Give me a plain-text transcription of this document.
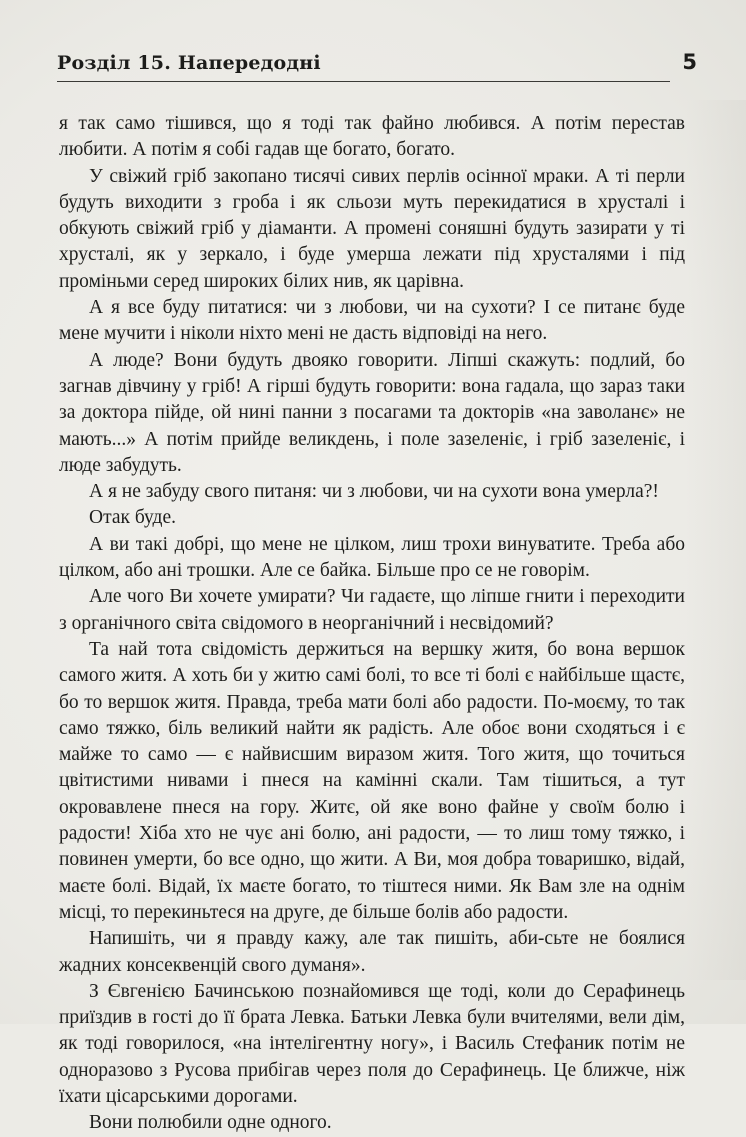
Розділ 15. Напередодні	5

я так само тішився, що я тоді так файно любився. А потім перестав любити. А потім я собі гадав ще богато, богато.

У свіжий гріб закопано тисячі сивих перлів осінної мраки. А ті перли будуть виходити з гроба і як сльози муть перекидатися в хрусталі і обкують свіжий гріб у діаманти. А промені соняшні будуть зазирати у ті хрусталі, як у зеркало, і буде умерша лежати під хрусталями і під проміньми серед широких білих нив, як царівна.

А я все буду питатися: чи з любови, чи на сухоти? І се питанє буде мене мучити і ніколи ніхто мені не дасть відповіді на него.

А люде? Вони будуть двояко говорити. Ліпші скажуть: подлий, бо загнав дівчину у гріб! А гірші будуть говорити: вона гадала, що зараз таки за доктора пійде, ой нині панни з посагами та докторів «на заволанє» не мають...» А потім прийде великдень, і поле зазеленіє, і гріб зазеленіє, і люде забудуть.

А я не забуду свого питаня: чи з любови, чи на сухоти вона умерла?!

Отак буде.

А ви такі добрі, що мене не цілком, лиш трохи винуватите. Треба або цілком, або ані трошки. Але се байка. Більше про се не говорім.

Але чого Ви хочете умирати? Чи гадаєте, що ліпше гнити і переходити з органічного світа свідомого в неорганічний і несвідомий?

Та най тота свідомість держиться на вершку житя, бо вона вершок самого житя. А хоть би у житю самі болі, то все ті болі є найбільше щастє, бо то вершок житя. Правда, треба мати болі або радости. По-моєму, то так само тяжко, біль великий найти як радість. Але обоє вони сходяться і є майже то само — є найвисшим виразом житя. Того житя, що точиться цвітистими нивами і пнеся на камінні скали. Там тішиться, а тут окровавлене пнеся на гору. Житє, ой яке воно файне у своїм болю і радости! Хіба хто не чує ані болю, ані радости, — то лиш тому тяжко, і повинен умерти, бо все одно, що жити. А Ви, моя добра товаришко, відай, маєте болі. Відай, їх маєте богато, то тіштеся ними. Як Вам зле на однім місці, то перекиньтеся на друге, де більше болів або радости.

Напишіть, чи я правду кажу, але так пишіть, аби-сьте не боялися жадних консеквенцій свого думаня».

З Євгенією Бачинською познайомився ще тоді, коли до Серафинець приїздив в гості до її брата Левка. Батьки Левка були вчителями, вели дім, як тоді говорилося, «на інтелігентну ногу», і Василь Стефаник потім не одноразово з Русова прибігав через поля до Серафинець. Це ближче, ніж їхати цісарськими дорогами.

Вони полюбили одне одного.
